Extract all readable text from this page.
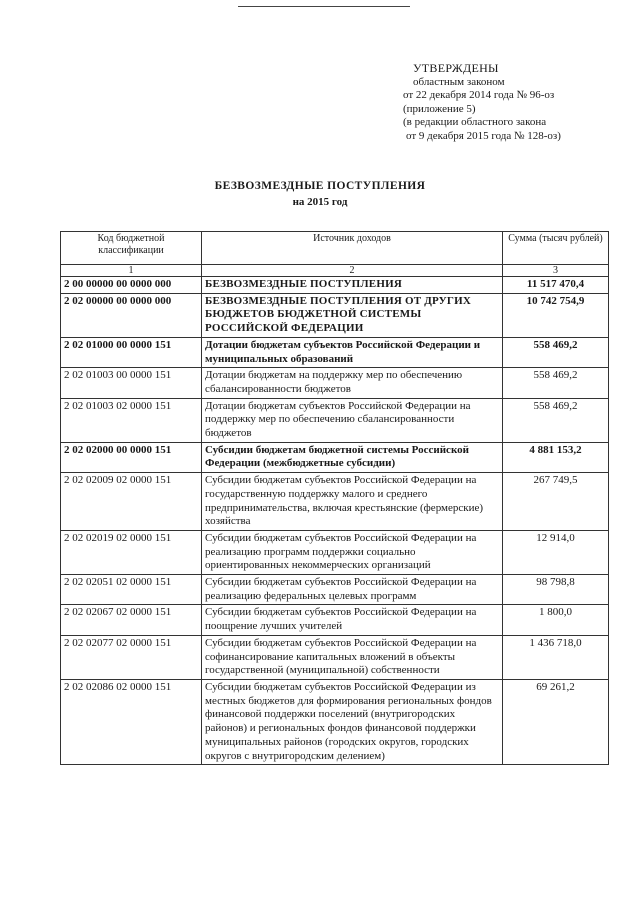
УТВЕРЖДЕНЫ
областным законом
от 22 декабря 2014 года № 96-оз
(приложение 5)
(в редакции областного закона
от 9 декабря 2015 года № 128-оз)
БЕЗВОЗМЕЗДНЫЕ ПОСТУПЛЕНИЯ
на 2015 год
Код бюджетной классификации	Источник доходов	Сумма (тысяч рублей)
1	2	3
2 00 00000 00 0000 000	БЕЗВОЗМЕЗДНЫЕ ПОСТУПЛЕНИЯ	11 517 470,4
2 02 00000 00 0000 000	БЕЗВОЗМЕЗДНЫЕ ПОСТУПЛЕНИЯ ОТ ДРУГИХ БЮДЖЕТОВ БЮДЖЕТНОЙ СИСТЕМЫ РОССИЙСКОЙ ФЕДЕРАЦИИ	10 742 754,9
2 02 01000 00 0000 151	Дотации бюджетам субъектов Российской Федерации и муниципальных образований	558 469,2
2 02 01003 00 0000 151	Дотации бюджетам на поддержку мер по обеспечению сбалансированности бюджетов	558 469,2
2 02 01003 02 0000 151	Дотации бюджетам субъектов Российской Федерации на поддержку мер по обеспечению сбалансированности бюджетов	558 469,2
2 02 02000 00 0000 151	Субсидии бюджетам бюджетной системы Российской Федерации (межбюджетные субсидии)	4 881 153,2
2 02 02009 02 0000 151	Субсидии бюджетам субъектов Российской Федерации на государственную поддержку малого и среднего предпринимательства, включая крестьянские (фермерские) хозяйства	267 749,5
2 02 02019 02 0000 151	Субсидии бюджетам субъектов Российской Федерации на реализацию программ поддержки социально ориентированных некоммерческих организаций	12 914,0
2 02 02051 02 0000 151	Субсидии бюджетам субъектов Российской Федерации на реализацию федеральных целевых программ	98 798,8
2 02 02067 02 0000 151	Субсидии бюджетам субъектов Российской Федерации на поощрение лучших учителей	1 800,0
2 02 02077 02 0000 151	Субсидии бюджетам субъектов Российской Федерации на софинансирование капитальных вложений в объекты государственной (муниципальной) собственности	1 436 718,0
2 02 02086 02 0000 151	Субсидии бюджетам субъектов Российской Федерации из местных бюджетов для формирования региональных фондов финансовой поддержки поселений (внутригородских районов) и региональных фондов финансовой поддержки муниципальных районов (городских округов, городских округов с внутригородским делением)	69 261,2
